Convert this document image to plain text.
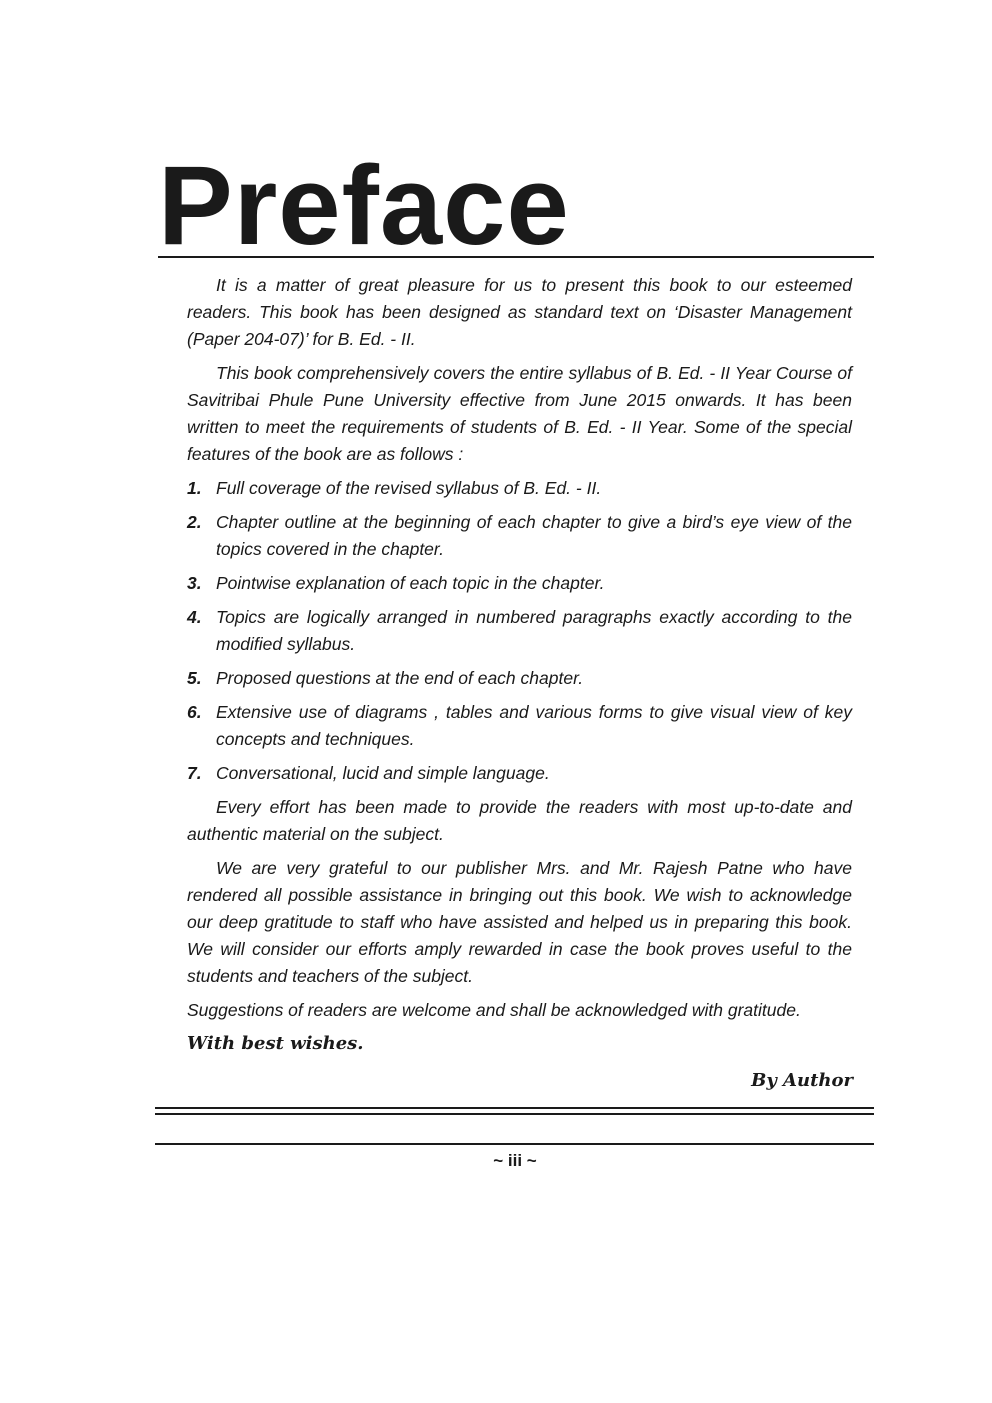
Preface

It is a matter of great pleasure for us to present this book to our esteemed readers. This book has been designed as standard text on ‘Disaster Management (Paper 204-07)’ for B. Ed. - II.

This book comprehensively covers the entire syllabus of B. Ed. - II Year Course of Savitribai Phule Pune University effective from June 2015 onwards. It has been written to meet the requirements of students of B. Ed. - II Year. Some of the special features of the book are as follows :

1. Full coverage of the revised syllabus of B. Ed. - II.
2. Chapter outline at the beginning of each chapter to give a bird’s eye view of the topics covered in the chapter.
3. Pointwise explanation of each topic in the chapter.
4. Topics are logically arranged in numbered paragraphs exactly according to the modified syllabus.
5. Proposed questions at the end of each chapter.
6. Extensive use of diagrams , tables and various forms to give visual view of key concepts and techniques.
7. Conversational, lucid and simple language.

Every effort has been made to provide the readers with most up-to-date and authentic material on the subject.

We are very grateful to our publisher Mrs. and Mr. Rajesh Patne who have rendered all possible assistance in bringing out this book. We wish to acknowledge our deep gratitude to staff who have assisted and helped us in preparing this book. We will consider our efforts amply rewarded in case the book proves useful to the students and teachers of the subject.

Suggestions of readers are welcome and shall be acknowledged with gratitude.

With best wishes.
By Author
~ iii ~
